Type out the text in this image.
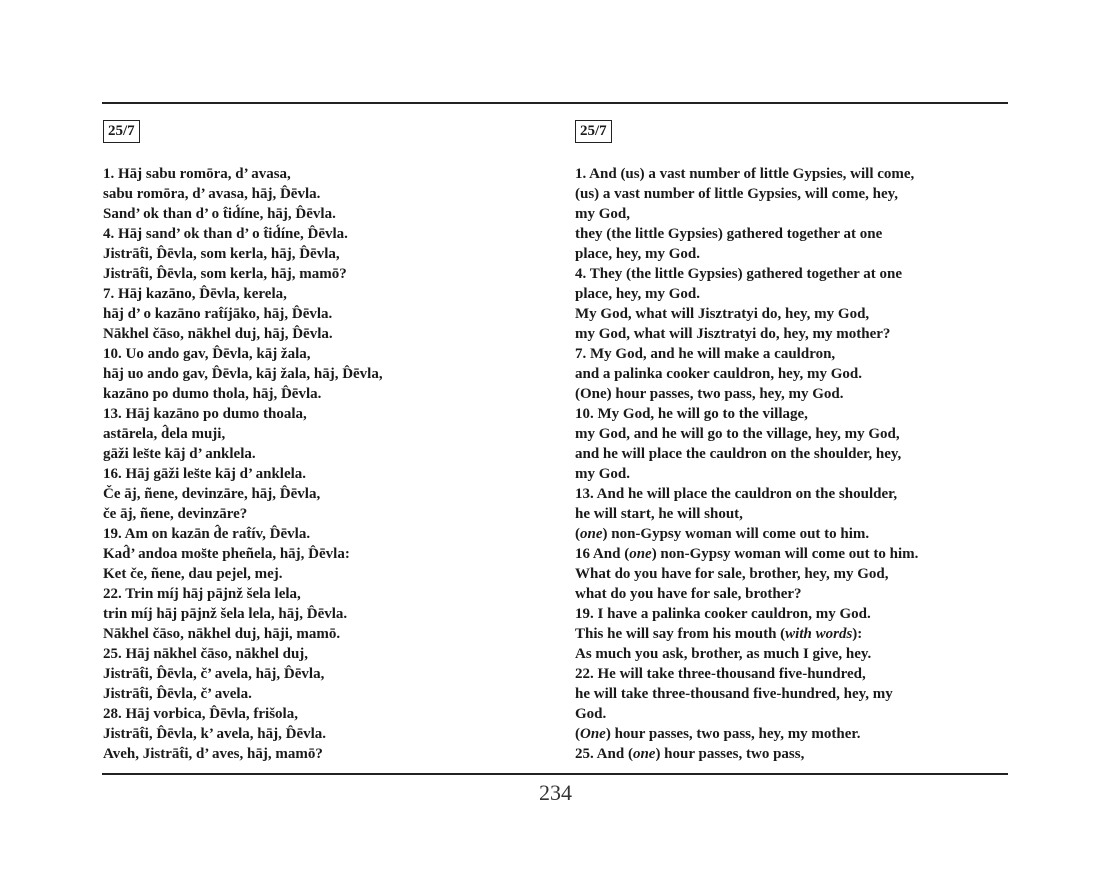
25/7
1. Hāj sabu romōra, d’ avasa,
sabu romōra, d’ avasa, hāj, D̂ēvla.
Sand’ ok than d’ o t̂id́íne, hāj, D̂ēvla.
4. Hāj sand’ ok than d’ o t̂id́íne, D̂ēvla.
Jistrāt̂i, D̂ēvla, som kerla, hāj, D̂ēvla,
Jistrāt̂i, D̂ēvla, som kerla, hāj, mamō?
7. Hāj kazāno, D̂ēvla, kerela,
hāj d’ o kazāno rat̂íjāko, hāj, D̂ēvla.
Nākhel čāso, nākhel duj, hāj, D̂ēvla.
10. Uo ando gav, D̂ēvla, kāj žala,
hāj uo ando gav, D̂ēvla, kāj žala, hāj, D̂ēvla,
kazāno po dumo thola, hāj, D̂ēvla.
13. Hāj kazāno po dumo thoala,
astārela, d̂ela muji,
gāži les̆te kāj d’ anklela.
16. Hāj gāži les̆te kāj d’ anklela.
Če āj, ñene, devinzāre, hāj, D̂ēvla,
če āj, ñene, devinzāre?
19. Am on kazān d̂e rat̂ív, D̂ēvla.
Kad̂’ andoa mos̆te pheñela, hāj, D̂ēvla:
Ket če, ñene, dau pejel, mej.
22. Trin míj hāj pājnž šela lela,
trin míj hāj pājnž šela lela, hāj, D̂ēvla.
Nākhel čāso, nākhel duj, hāji, mamō.
25. Hāj nākhel čāso, nākhel duj,
Jistrāt̂i, D̂ēvla, č’ avela, hāj, D̂ēvla,
Jistrāt̂i, D̂ēvla, č’ avela.
28. Hāj vorbica, D̂ēvla, frišola,
Jistrāt̂i, D̂ēvla, k’ avela, hāj, D̂ēvla.
Aveh, Jistrāt̂i, d’ aves, hāj, mamō?
25/7
1. And (us) a vast number of little Gypsies, will come,
(us) a vast number of little Gypsies, will come, hey,
my God,
they (the little Gypsies) gathered together at one
place, hey, my God.
4. They (the little Gypsies) gathered together at one
place, hey, my God.
My God, what will Jisztratyi do, hey, my God,
my God, what will Jisztratyi do, hey, my mother?
7. My God, and he will make a cauldron,
and a palinka cooker cauldron, hey, my God.
(One) hour passes, two pass, hey, my God.
10. My God, he will go to the village,
my God, and he will go to the village, hey, my God,
and he will place the cauldron on the shoulder, hey,
my God.
13. And he will place the cauldron on the shoulder,
he will start, he will shout,
(one) non-Gypsy woman will come out to him.
16 And (one) non-Gypsy woman will come out to him.
What do you have for sale, brother, hey, my God,
what do you have for sale, brother?
19. I have a palinka cooker cauldron, my God.
This he will say from his mouth (with words):
As much you ask, brother, as much I give, hey.
22. He will take three-thousand five-hundred,
he will take three-thousand five-hundred, hey, my
God.
(One) hour passes, two pass, hey, my mother.
25. And (one) hour passes, two pass,
234
